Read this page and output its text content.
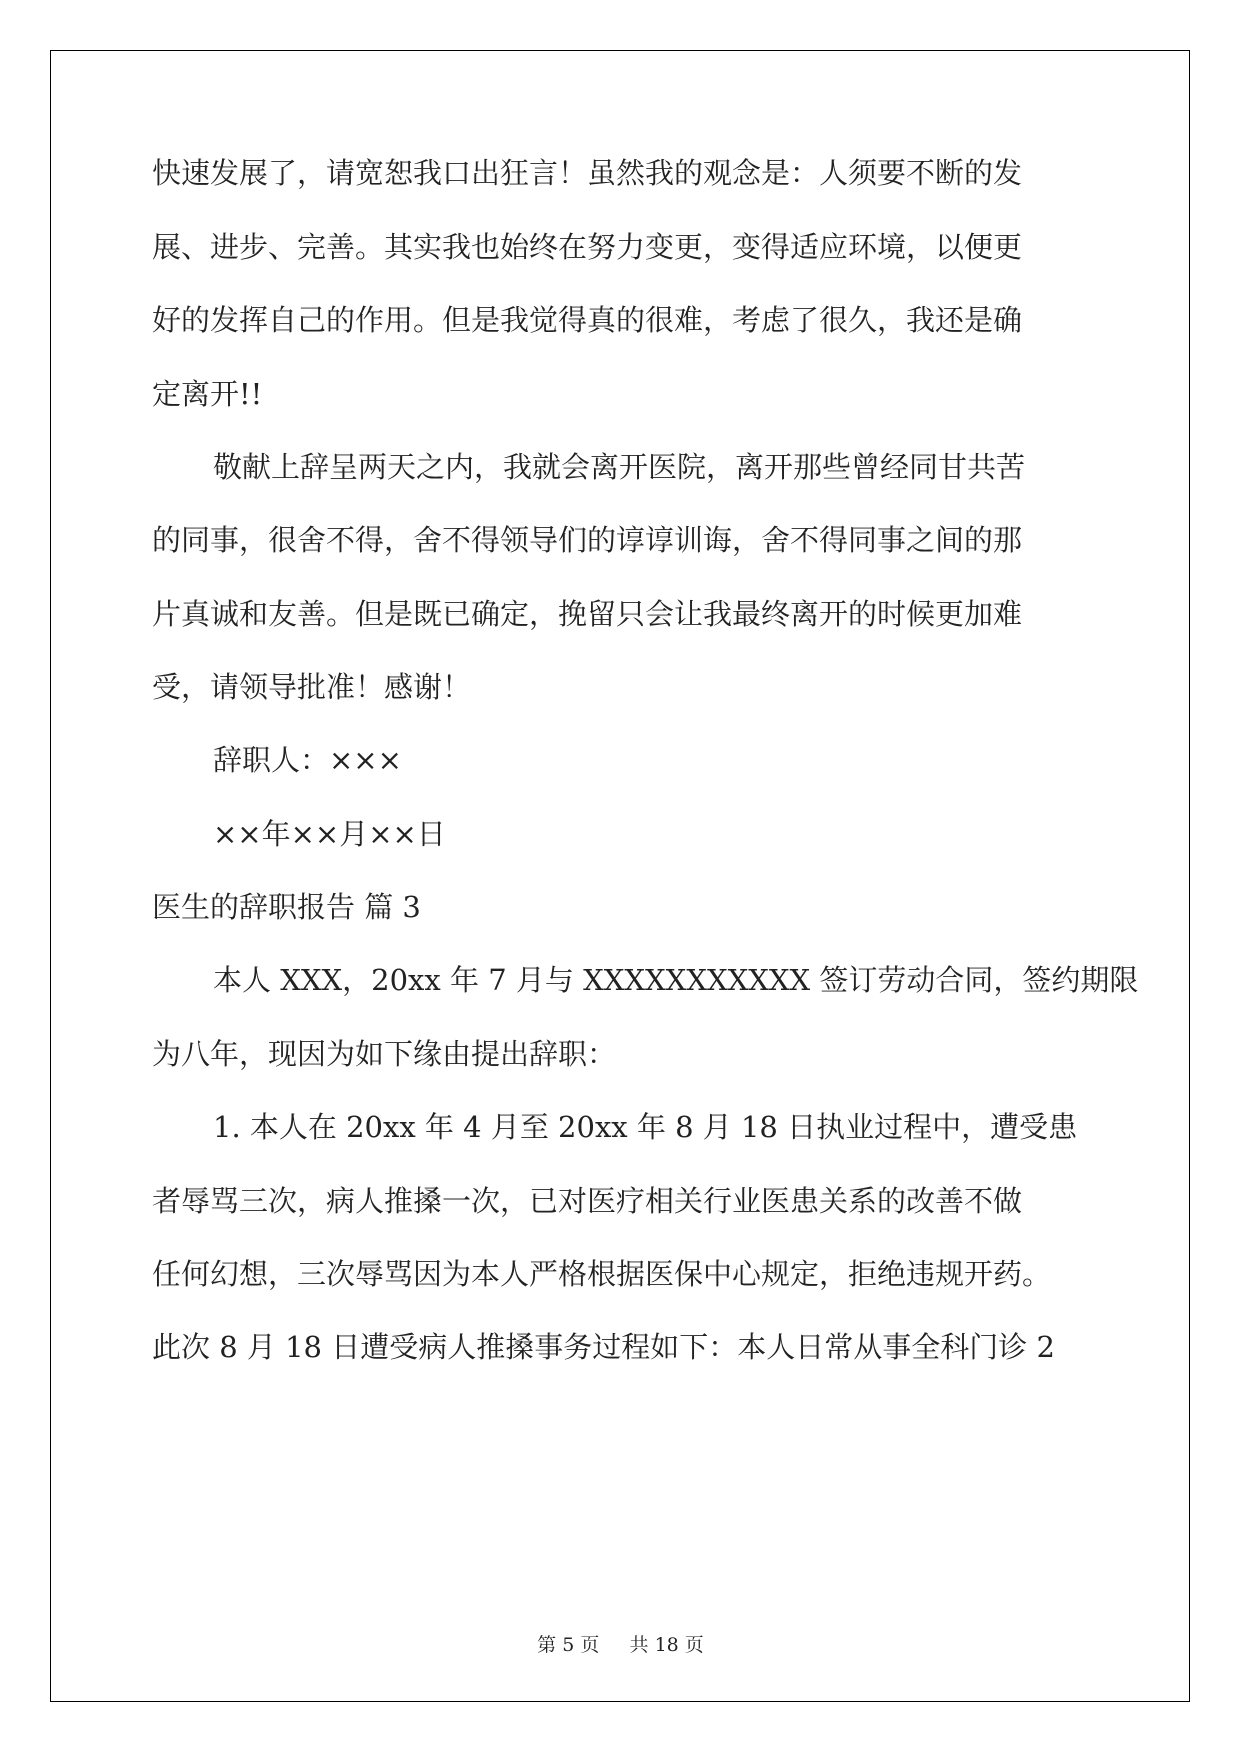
快速发展了，请宽恕我口出狂言！虽然我的观念是：人须要不断的发
展、进步、完善。其实我也始终在努力变更，变得适应环境，以便更
好的发挥自己的作用。但是我觉得真的很难，考虑了很久，我还是确
定离开!!
敬献上辞呈两天之内，我就会离开医院，离开那些曾经同甘共苦
的同事，很舍不得，舍不得领导们的谆谆训诲，舍不得同事之间的那
片真诚和友善。但是既已确定，挽留只会让我最终离开的时候更加难
受，请领导批准！感谢！
辞职人：×××
××年××月××日
医生的辞职报告 篇 3
本人 XXX，20xx 年 7 月与 XXXXXXXXXXX 签订劳动合同，签约期限
为八年，现因为如下缘由提出辞职：
1. 本人在 20xx 年 4 月至 20xx 年 8 月 18 日执业过程中，遭受患
者辱骂三次，病人推搡一次，已对医疗相关行业医患关系的改善不做
任何幻想，三次辱骂因为本人严格根据医保中心规定，拒绝违规开药。
此次 8 月 18 日遭受病人推搡事务过程如下：本人日常从事全科门诊 2
第 5 页 共 18 页
